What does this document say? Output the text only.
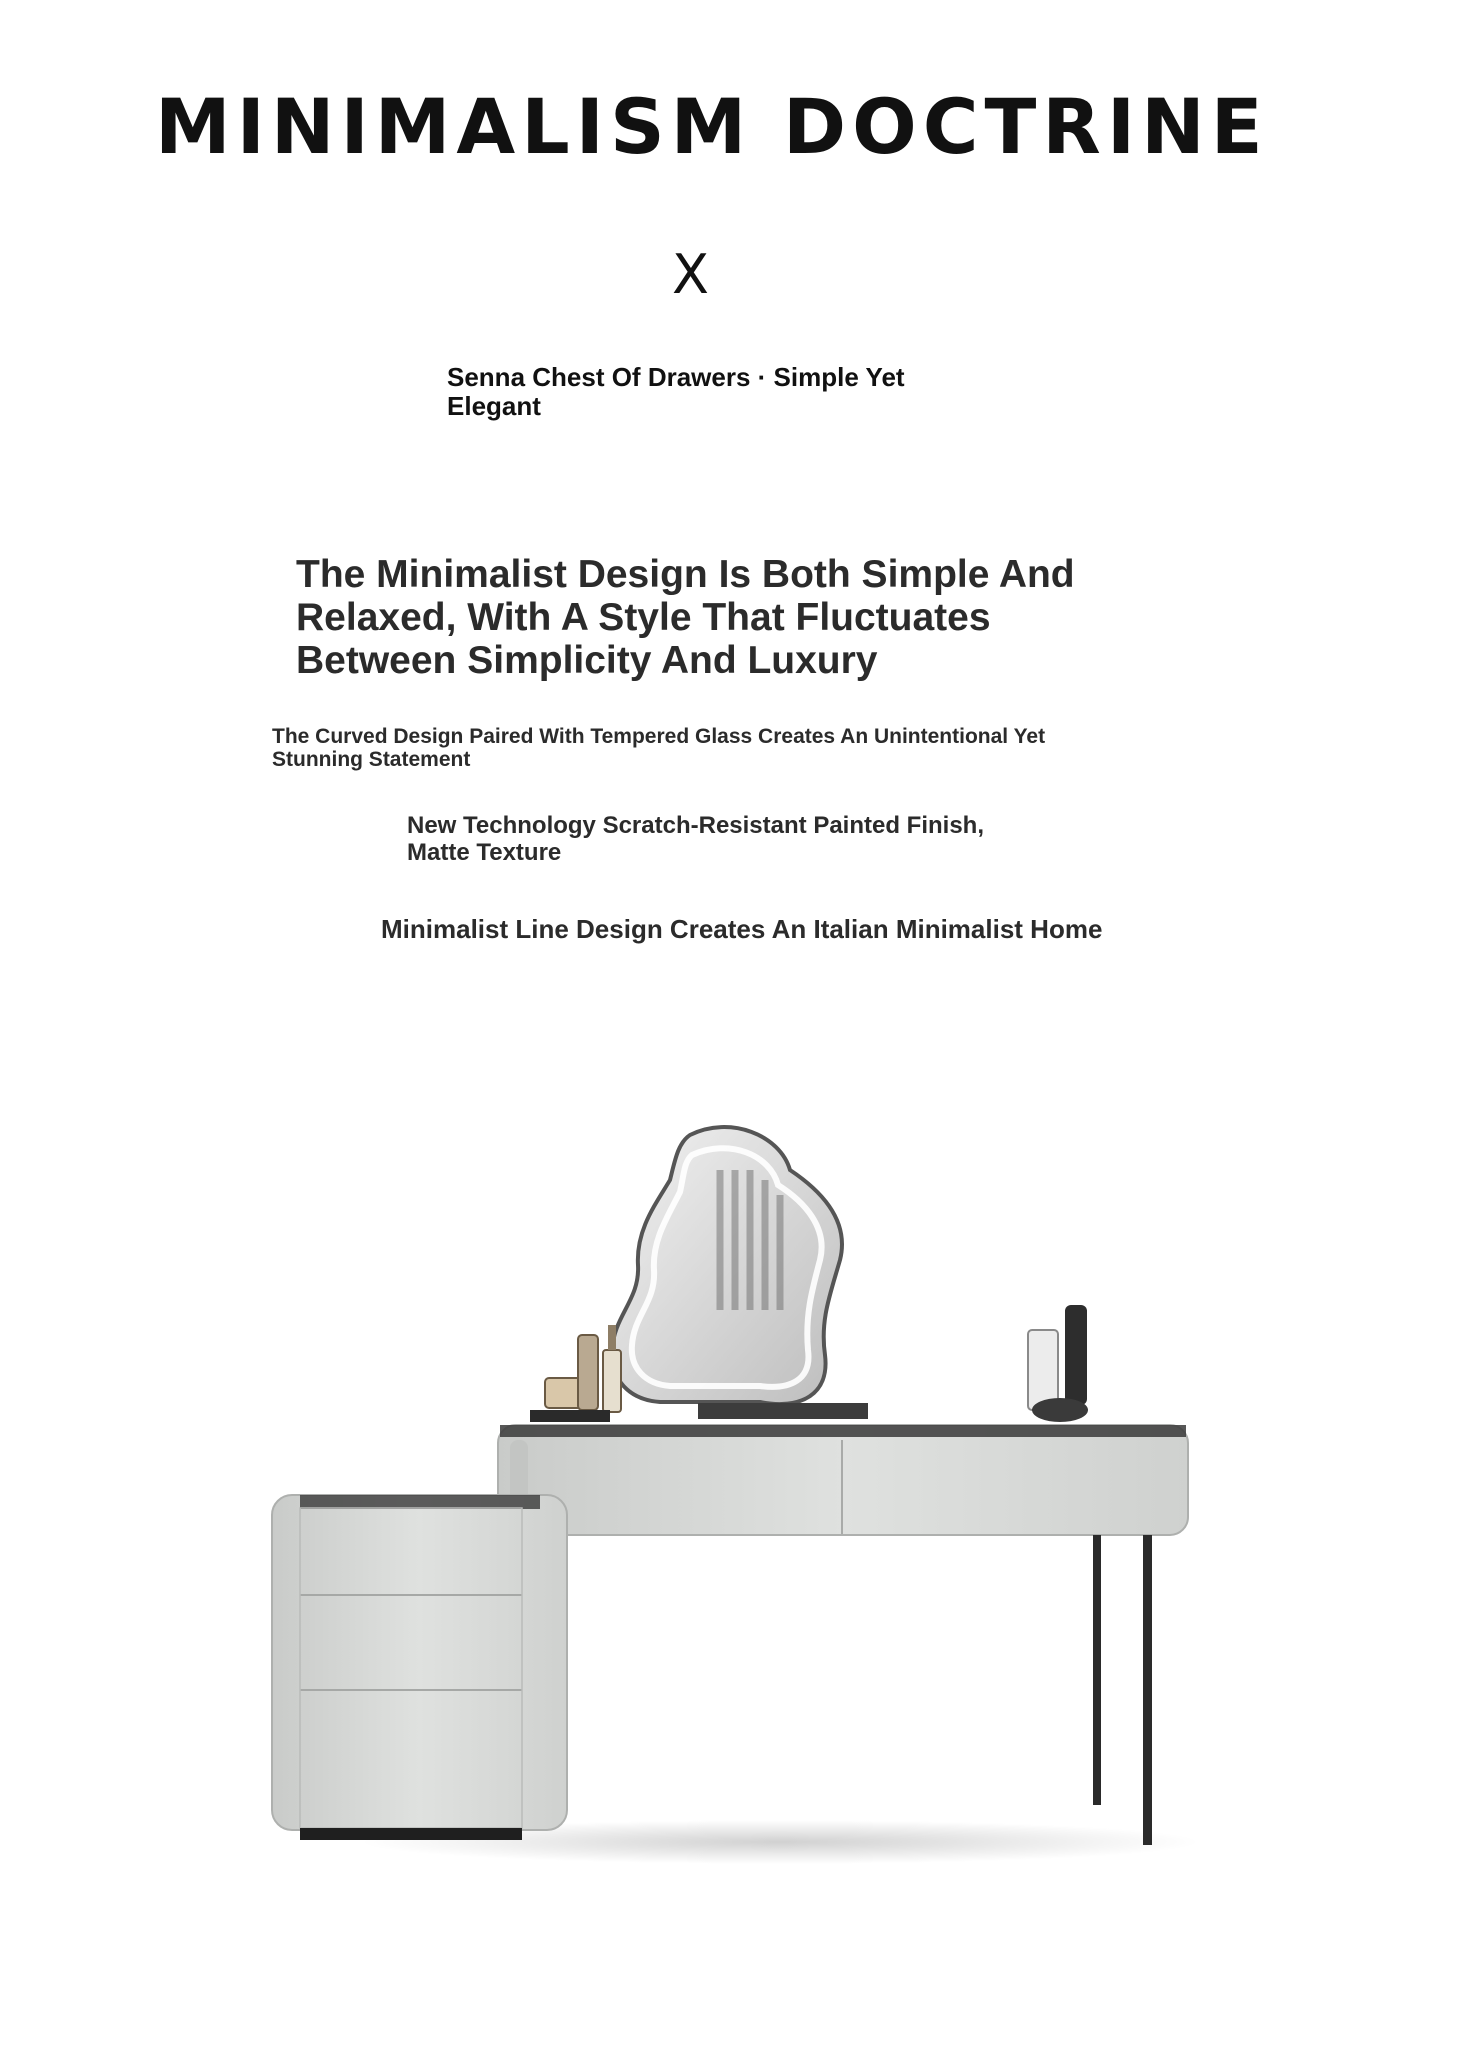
MINIMALISM DOCTRINE
X
Senna Chest Of Drawers · Simple Yet Elegant
The Minimalist Design Is Both Simple And Relaxed, With A Style That Fluctuates Between Simplicity And Luxury
The Curved Design Paired With Tempered Glass Creates An Unintentional Yet Stunning Statement
New Technology Scratch-Resistant Painted Finish, Matte Texture
Minimalist Line Design Creates An Italian Minimalist Home
